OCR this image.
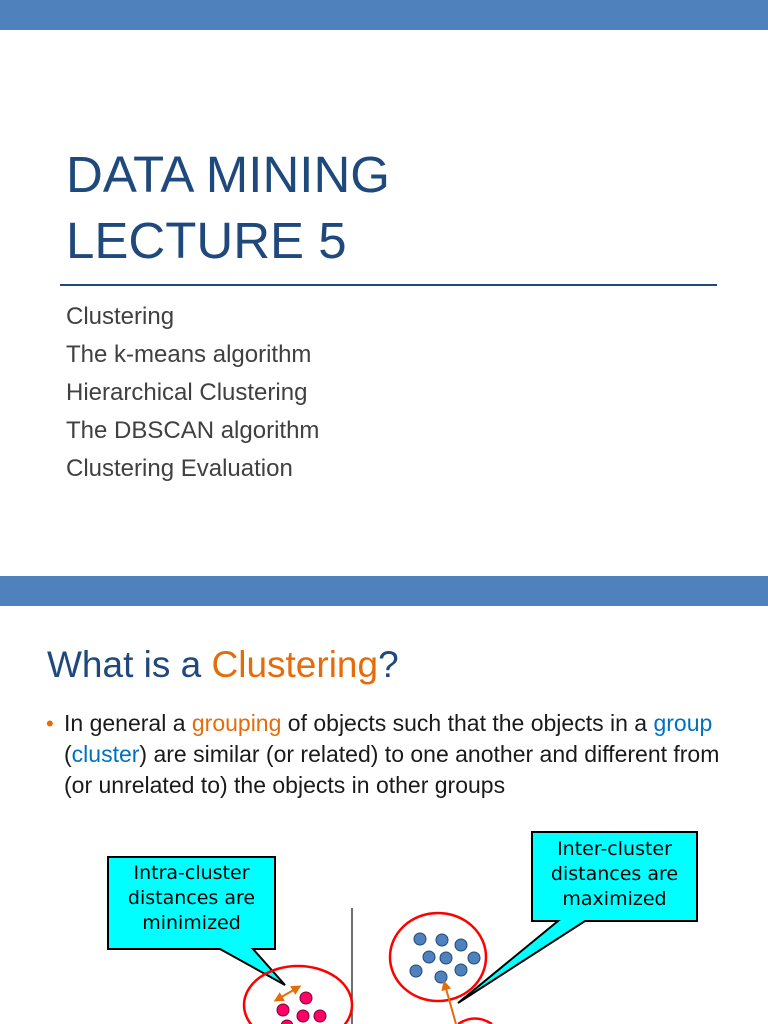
DATA MINING
LECTURE 5
Clustering
The k-means algorithm
Hierarchical Clustering
The DBSCAN algorithm
Clustering Evaluation
What is a Clustering?
• In general a grouping of objects such that the objects in a group (cluster) are similar (or related) to one another and different from (or unrelated to) the objects in other groups

Intra-cluster
distances are
minimized
Inter-cluster
distances are
maximized
